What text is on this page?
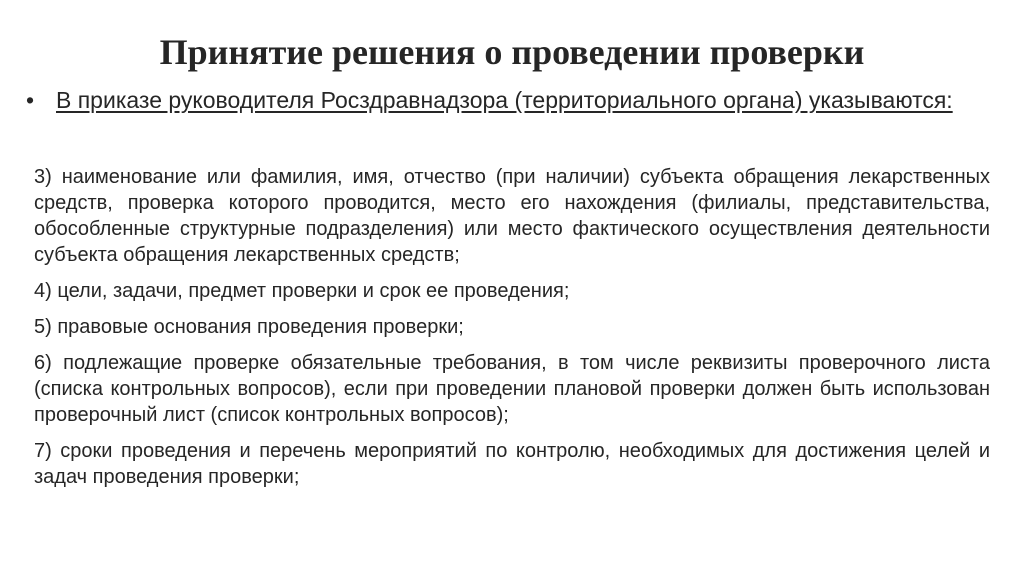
Принятие решения о проведении проверки
• В приказе руководителя Росздравнадзора (территориального органа) указываются:

3) наименование или фамилия, имя, отчество (при наличии) субъекта обращения лекарственных средств, проверка которого проводится, место его нахождения (филиалы, представительства, обособленные структурные подразделения) или место фактического осуществления деятельности субъекта обращения лекарственных средств;

4) цели, задачи, предмет проверки и срок ее проведения;

5) правовые основания проведения проверки;

6) подлежащие проверке обязательные требования, в том числе реквизиты проверочного листа (списка контрольных вопросов), если при проведении плановой проверки должен быть использован проверочный лист (список контрольных вопросов);

7) сроки проведения и перечень мероприятий по контролю, необходимых для достижения целей и задач проведения проверки;
